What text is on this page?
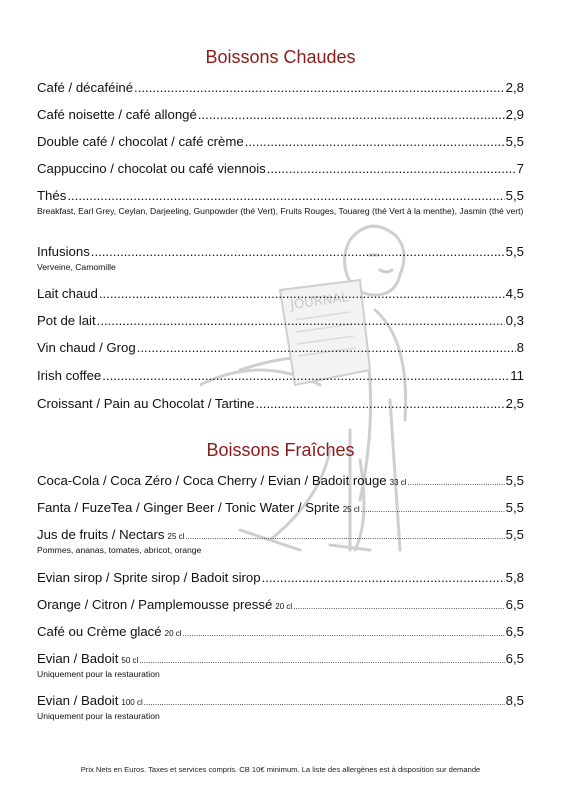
JOURNAL
Boissons Chaudes
Café / décaféiné .....	2,8
Café noisette / café allongé .....	2,9
Double café / chocolat / café crème .....	5,5
Cappuccino / chocolat ou café viennois .....	7
Thés .....	5,5
Breakfast, Earl Grey, Ceylan, Darjeeling, Gunpowder (thé Vert), Fruits Rouges, Touareg (thé Vert à la menthe), Jasmin (thé vert)
Infusions .....	5,5
Verveine, Camomille
Lait chaud .....	4,5
Pot de lait .....	0,3
Vin chaud / Grog .....	8
Irish coffee .....	11
Croissant / Pain au Chocolat / Tartine .....	2,5
Boissons Fraîches
Coca-Cola / Coca Zéro / Coca Cherry / Evian / Badoit rouge 33 cl .....	5,5
Fanta / FuzeTea / Ginger Beer / Tonic Water / Sprite 25 cl .....	5,5
Jus de fruits / Nectars 25 cl .....	5,5
Pommes, ananas, tomates, abricot, orange
Evian sirop / Sprite sirop / Badoit sirop .....	5,8
Orange / Citron / Pamplemousse pressé 20 cl .....	6,5
Café ou Crème glacé 20 cl .....	6,5
Evian / Badoit 50 cl .....	6,5
Uniquement pour la restauration
Evian / Badoit 100 cl .....	8,5
Uniquement pour la restauration
Prix Nets en Euros. Taxes et services compris. CB 10€ minimum. La liste des allergènes est à disposition sur demande
